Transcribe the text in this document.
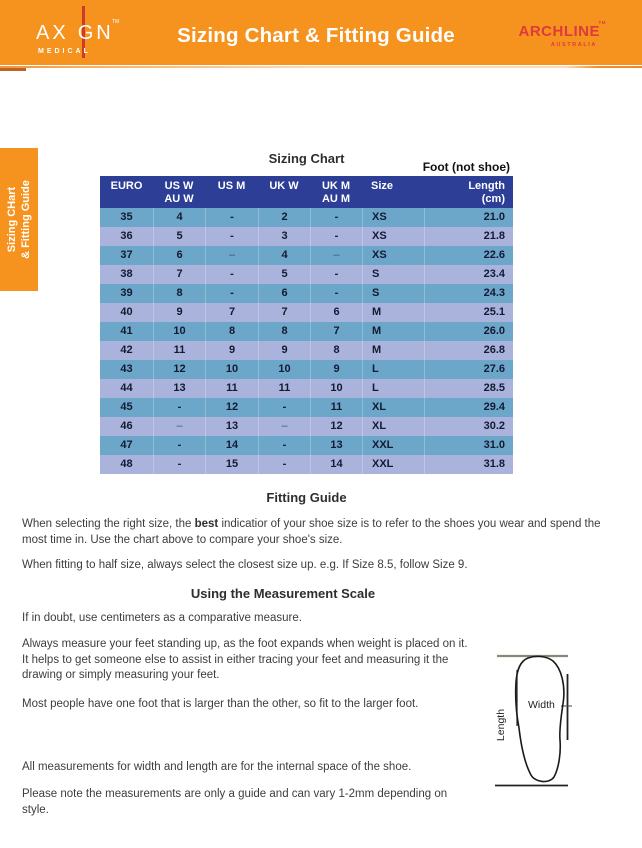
TM
AX GN
MEDICAL
Sizing Chart & Fitting Guide	ARCHLINE
TM
AUSTRALIA
Sizing CHart & Fitting Guide
Sizing Chart
Foot (not shoe)
EURO	US W
AU W
US M	UK W	UK M
AU M
Size	Length
(cm)
35	4	-	2	-	XS	21.0
36	5	-	3	-	XS	21.8
37	6	–	4	–	XS	22.6
38	7	-	5	-	S	23.4
39	8	-	6	-	S	24.3
40	9	7	7	6	M	25.1
41	10	8	8	7	M	26.0
42	11	9	9	8	M	26.8
43	12	10	10	9	L	27.6
44	13	11	11	10	L	28.5
45	-	12	-	11	XL	29.4
46	–	13	–	12	XL	30.2
47	-	14	-	13	XXL	31.0
48	-	15	-	14	XXL	31.8
Fitting Guide
When selecting the right size, the best indicatior of your shoe size is to refer to the shoes you wear and spend the most time in. Use the chart above to compare your shoe's size.
When fitting to half size, always select the closest size up. e.g. If Size 8.5, follow Size 9.
Using the Measurement Scale
If in doubt, use centimeters as a comparative measure.
Always measure your feet standing up, as the foot expands when weight is placed on it. It helps to get someone else to assist in either tracing your feet and measuring it the drawing or simply measuring your feet.
Most people have one foot that is larger than the other, so fit to the larger foot.
All measurements for width and length are for the internal space of the shoe.
Please note the measurements are only a guide and can vary 1-2mm depending on style.
Width
Length
